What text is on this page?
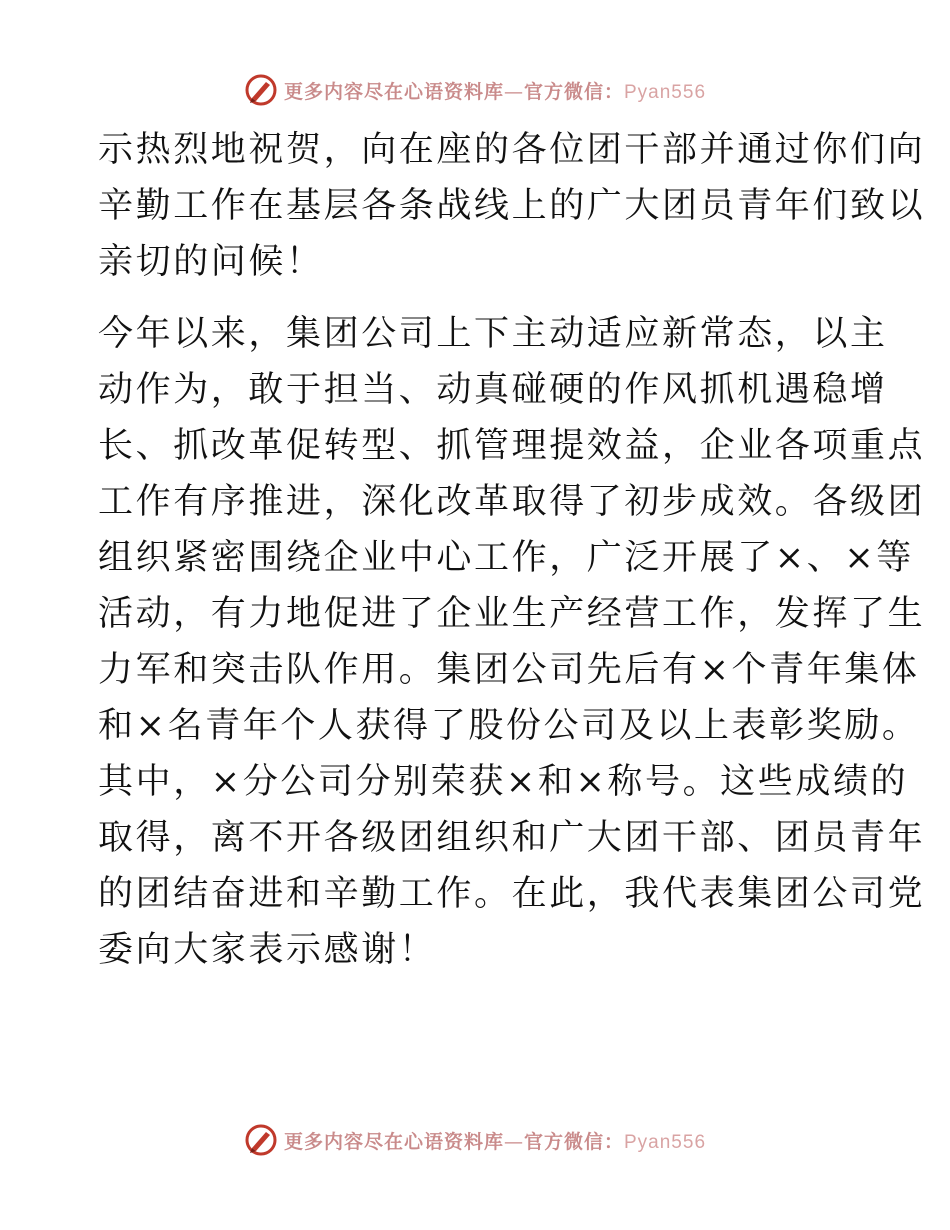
更多内容尽在心语资料库—官方微信：Pyan556

示热烈地祝贺，向在座的各位团干部并通过你们向
辛勤工作在基层各条战线上的广大团员青年们致以
亲切的问候！

今年以来，集团公司上下主动适应新常态，以主
动作为，敢于担当、动真碰硬的作风抓机遇稳增
长、抓改革促转型、抓管理提效益，企业各项重点
工作有序推进，深化改革取得了初步成效。各级团
组织紧密围绕企业中心工作，广泛开展了×、×等
活动，有力地促进了企业生产经营工作，发挥了生
力军和突击队作用。集团公司先后有×个青年集体
和×名青年个人获得了股份公司及以上表彰奖励。
其中，×分公司分别荣获×和×称号。这些成绩的
取得，离不开各级团组织和广大团干部、团员青年
的团结奋进和辛勤工作。在此，我代表集团公司党
委向大家表示感谢！

更多内容尽在心语资料库—官方微信：Pyan556
